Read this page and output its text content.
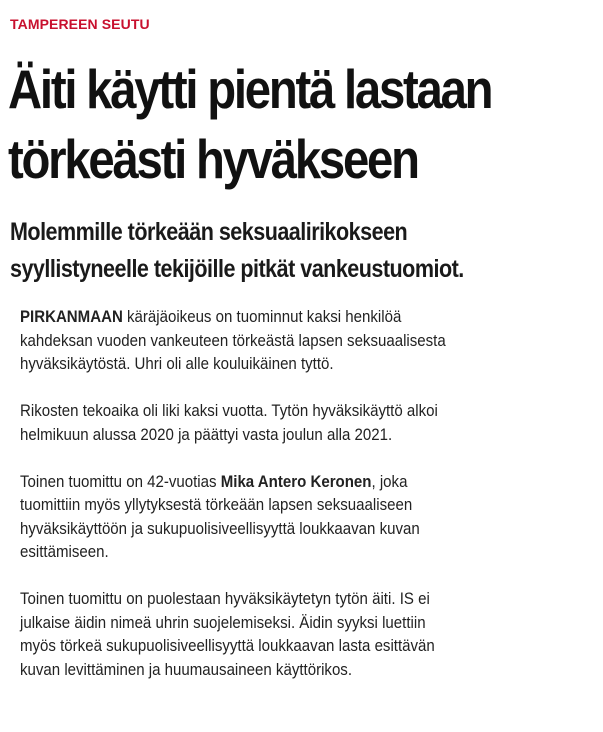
TAMPEREEN SEUTU
Äiti käytti pientä lastaan
törkeästi hyväkseen
Molemmille törkeään seksuaalirikokseen
syyllistyneelle tekijöille pitkät vankeustuomiot.

PIRKANMAAN käräjäoikeus on tuominnut kaksi henkilöä
kahdeksan vuoden vankeuteen törkeästä lapsen seksuaalisesta
hyväksikäytöstä. Uhri oli alle kouluikäinen tyttö.

Rikosten tekoaika oli liki kaksi vuotta. Tytön hyväksikäyttö alkoi
helmikuun alussa 2020 ja päättyi vasta joulun alla 2021.

Toinen tuomittu on 42-vuotias Mika Antero Keronen, joka
tuomittiin myös yllytyksestä törkeään lapsen seksuaaliseen
hyväksikäyttöön ja sukupuolisiveellisyyttä loukkaavan kuvan
esittämiseen.

Toinen tuomittu on puolestaan hyväksikäytetyn tytön äiti. IS ei
julkaise äidin nimeä uhrin suojelemiseksi. Äidin syyksi luettiin
myös törkeä sukupuolisiveellisyyttä loukkaavan lasta esittävän
kuvan levittäminen ja huumausaineen käyttörikos.
